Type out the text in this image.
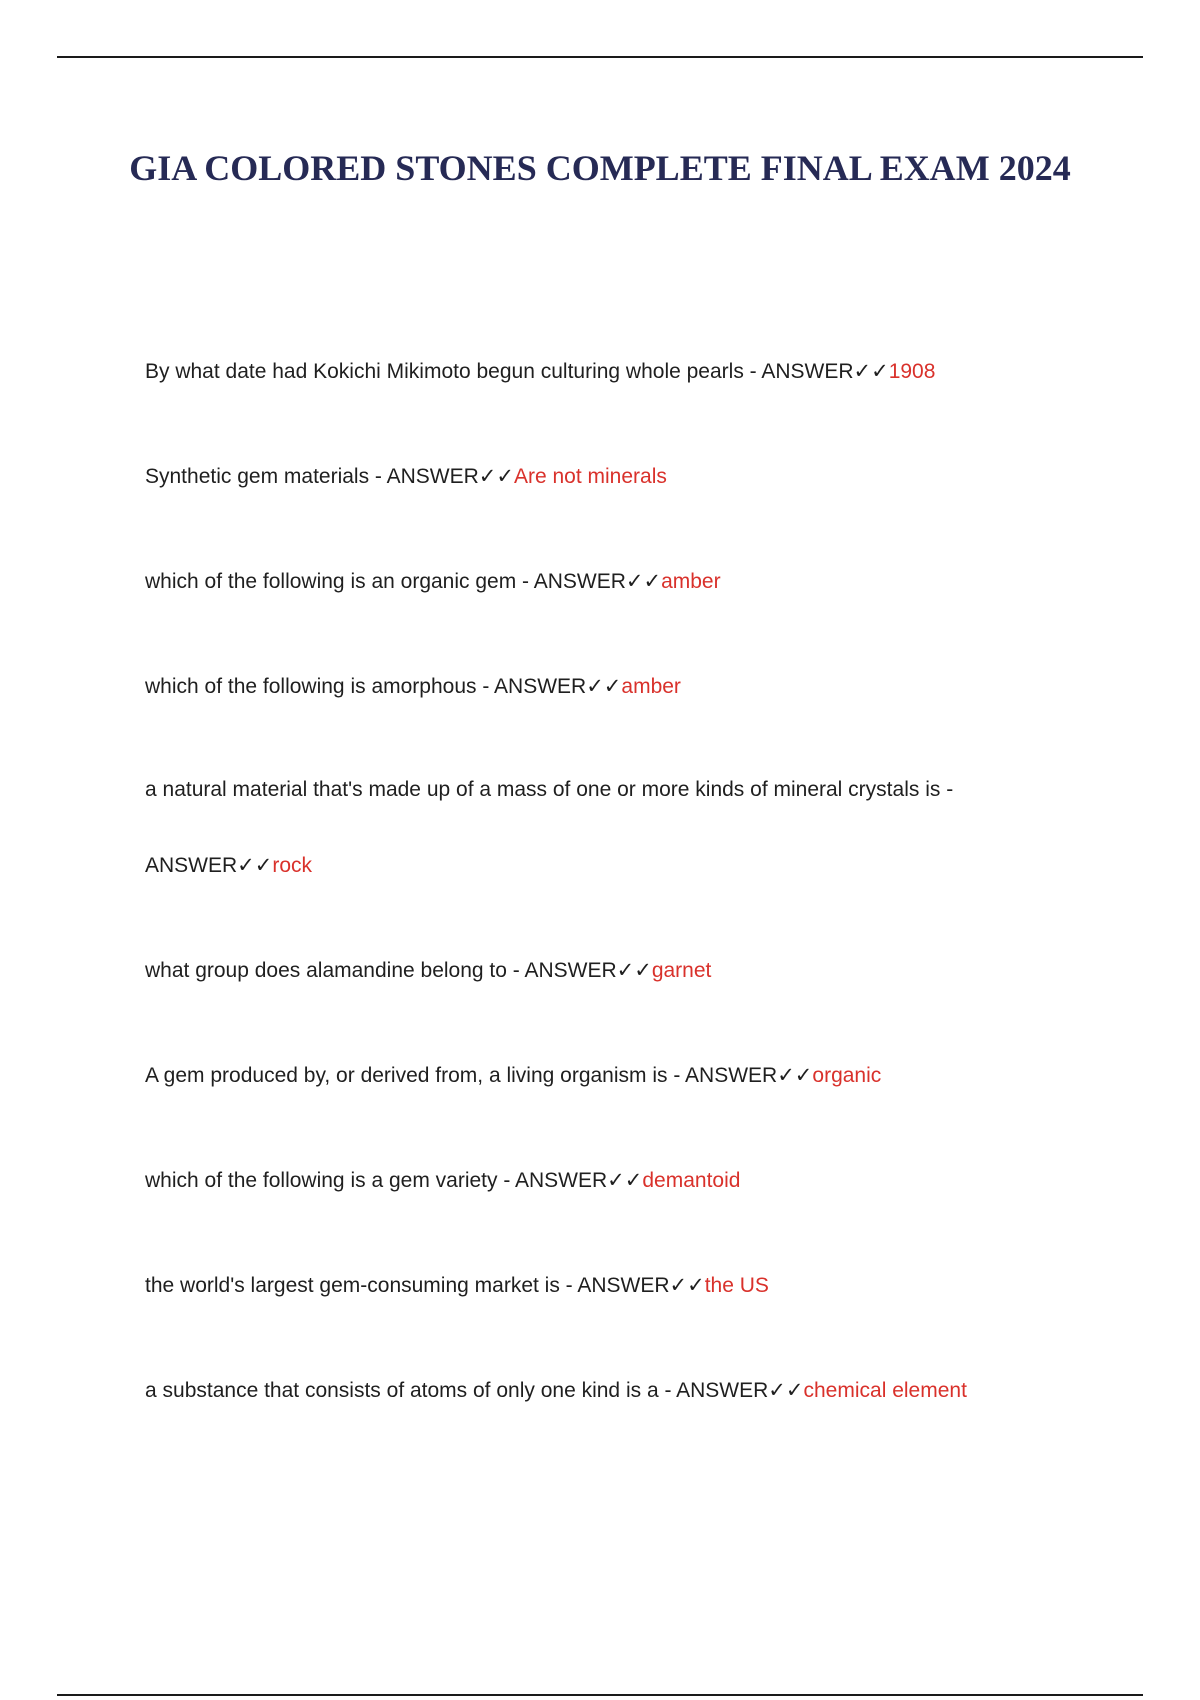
GIA COLORED STONES COMPLETE FINAL EXAM 2024

By what date had Kokichi Mikimoto begun culturing whole pearls - ANSWER✓✓1908

Synthetic gem materials - ANSWER✓✓Are not minerals

which of the following is an organic gem - ANSWER✓✓amber

which of the following is amorphous - ANSWER✓✓amber

a natural material that's made up of a mass of one or more kinds of mineral crystals is - ANSWER✓✓rock

what group does alamandine belong to - ANSWER✓✓garnet

A gem produced by, or derived from, a living organism is - ANSWER✓✓organic

which of the following is a gem variety - ANSWER✓✓demantoid

the world's largest gem-consuming market is - ANSWER✓✓the US

a substance that consists of atoms of only one kind is a - ANSWER✓✓chemical element
